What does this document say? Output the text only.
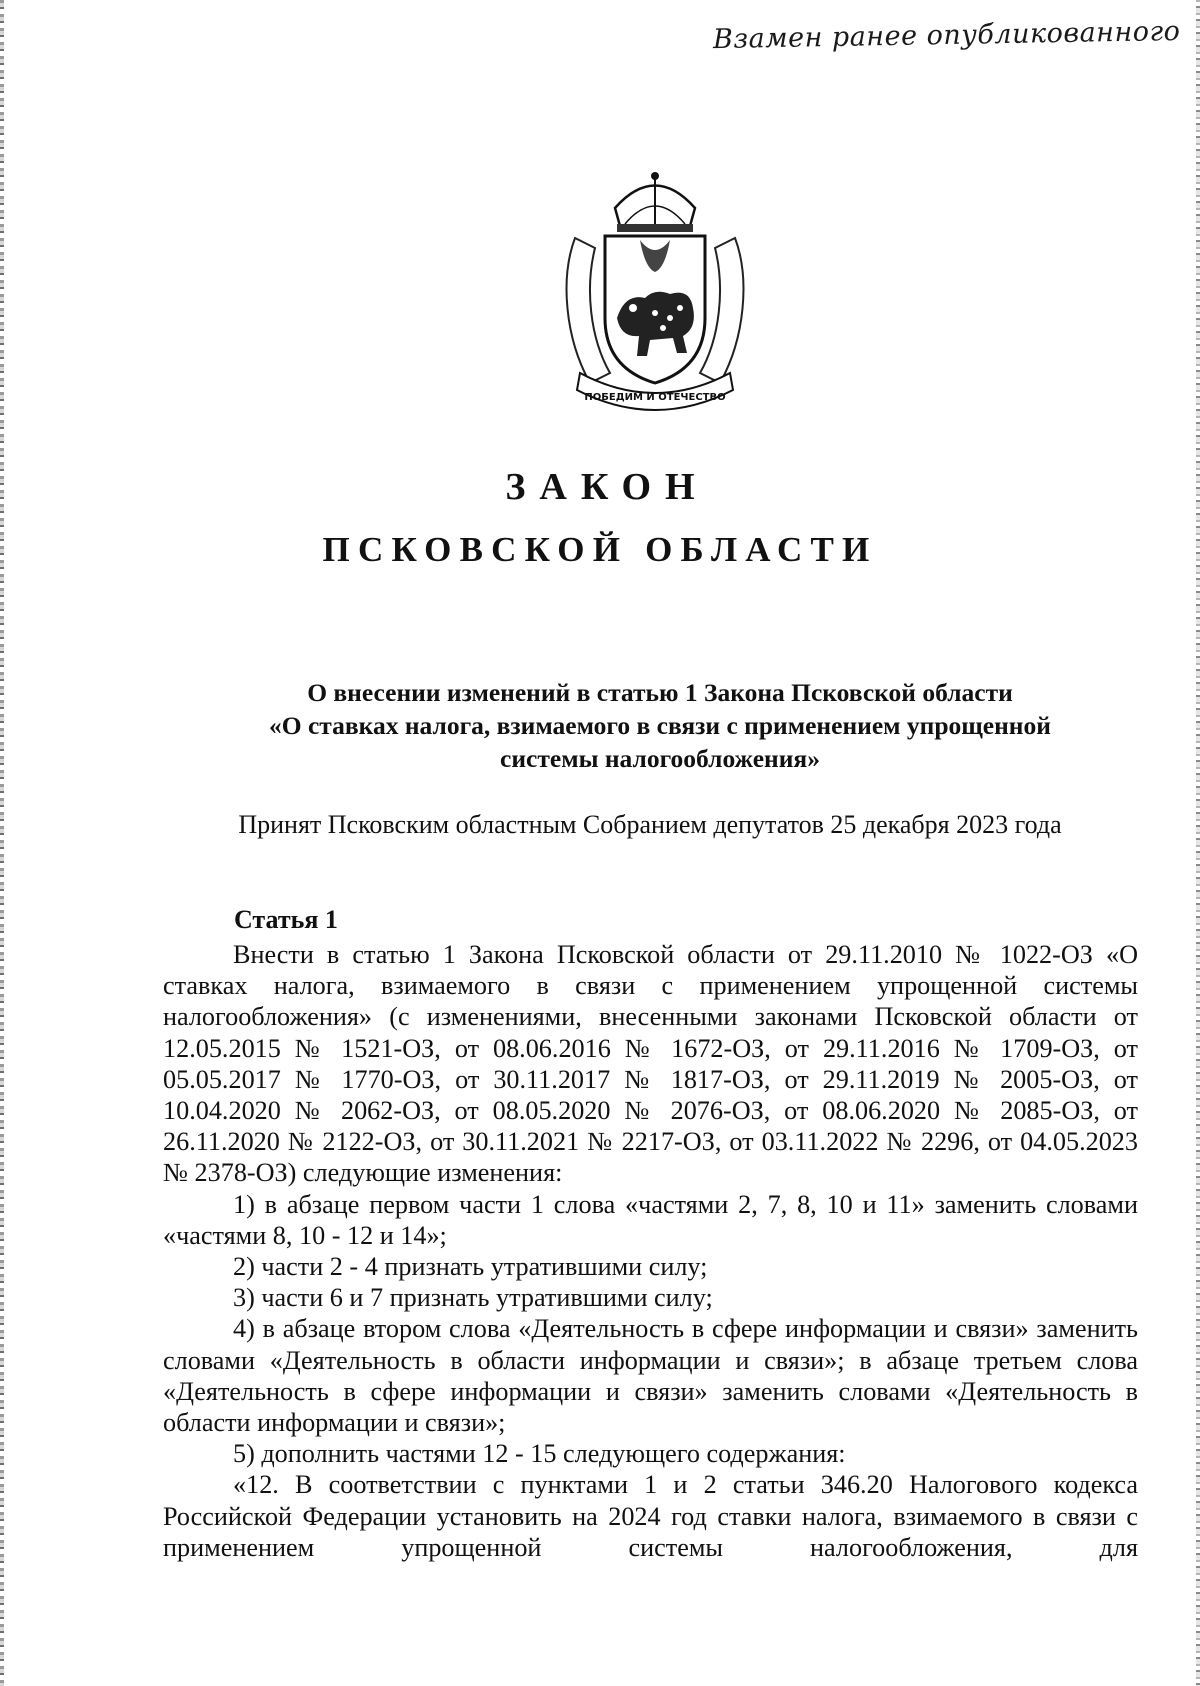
Взамен ранее опубликованного
ПОБЕДИМ И ОТЕЧЕСТВО
ЗАКОН
ПСКОВСКОЙ ОБЛАСТИ
О внесении изменений в статью 1 Закона Псковской области
«О ставках налога, взимаемого в связи с применением упрощенной
системы налогообложения»
Принят Псковским областным Собранием депутатов 25 декабря 2023 года
Статья 1

Внести в статью 1 Закона Псковской области от 29.11.2010 № 1022-ОЗ «О ставках налога, взимаемого в связи с применением упрощенной системы налогообложения» (с изменениями, внесенными законами Псковской области от 12.05.2015 № 1521-ОЗ, от 08.06.2016 № 1672-ОЗ, от 29.11.2016 № 1709-ОЗ, от 05.05.2017 № 1770-ОЗ, от 30.11.2017 № 1817-ОЗ, от 29.11.2019 № 2005-ОЗ, от 10.04.2020 № 2062-ОЗ, от 08.05.2020 № 2076-ОЗ, от 08.06.2020 № 2085-ОЗ, от 26.11.2020 № 2122-ОЗ, от 30.11.2021 № 2217-ОЗ, от 03.11.2022 № 2296, от 04.05.2023 № 2378-ОЗ) следующие изменения:

1) в абзаце первом части 1 слова «частями 2, 7, 8, 10 и 11» заменить словами «частями 8, 10 - 12 и 14»;

2) части 2 - 4 признать утратившими силу;

3) части 6 и 7 признать утратившими силу;

4) в абзаце втором слова «Деятельность в сфере информации и связи» заменить словами «Деятельность в области информации и связи»; в абзаце третьем слова «Деятельность в сфере информации и связи» заменить словами «Деятельность в области информации и связи»;

5) дополнить частями 12 - 15 следующего содержания:

«12. В соответствии с пунктами 1 и 2 статьи 346.20 Налогового кодекса Российской Федерации установить на 2024 год ставки налога, взимаемого в связи с применением упрощенной системы налогообложения, для
